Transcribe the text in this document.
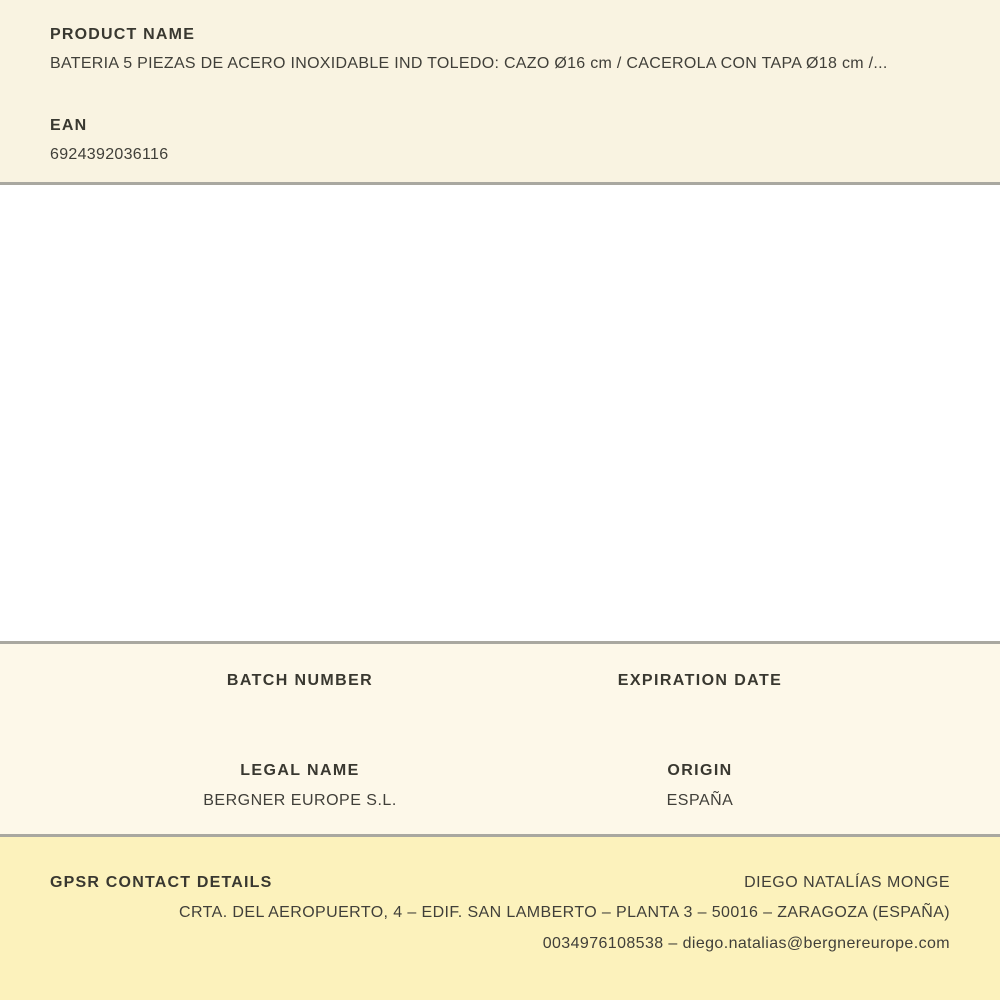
PRODUCT NAME
BATERIA 5 PIEZAS DE ACERO INOXIDABLE IND TOLEDO: CAZO Ø16 cm / CACEROLA CON TAPA Ø18 cm /...
EAN
6924392036116
BATCH NUMBER	EXPIRATION DATE
LEGAL NAME
BERGNER EUROPE S.L.
ORIGIN
ESPAÑA
GPSR CONTACT DETAILS	DIEGO NATALÍAS MONGE
CRTA. DEL AEROPUERTO, 4 – EDIF. SAN LAMBERTO – PLANTA 3 – 50016 – ZARAGOZA (ESPAÑA)
0034976108538 – diego.natalias@bergnereurope.com
